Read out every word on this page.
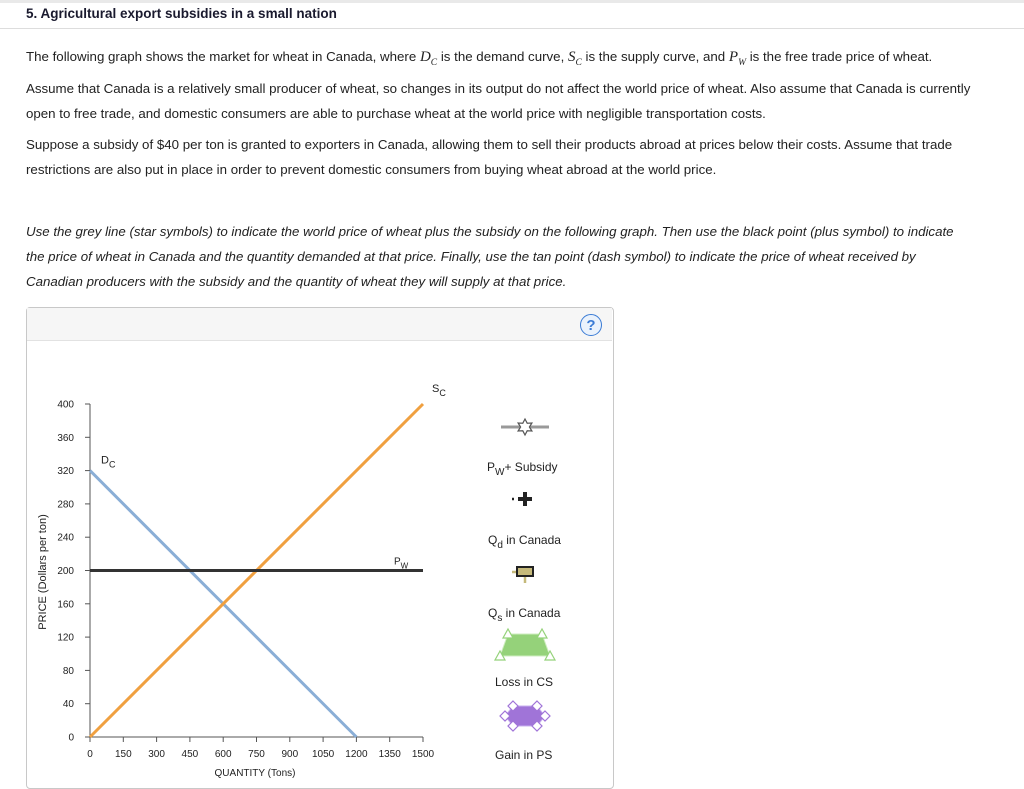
5. Agricultural export subsidies in a small nation

The following graph shows the market for wheat in Canada, where $D_C$ is the demand curve, $S_C$ is the supply curve, and $P_W$ is the free trade price of wheat. Assume that Canada is a relatively small producer of wheat, so changes in its output do not affect the world price of wheat. Also assume that Canada is currently open to free trade, and domestic consumers are able to purchase wheat at the world price with negligible transportation costs.

Suppose a subsidy of $40 per ton is granted to exporters in Canada, allowing them to sell their products abroad at prices below their costs. Assume that trade restrictions are also put in place in order to prevent domestic consumers from buying wheat abroad at the world price.

Use the grey line (star symbols) to indicate the world price of wheat plus the subsidy on the following graph. Then use the black point (plus symbol) to indicate the price of wheat in Canada and the quantity demanded at that price. Finally, use the tan point (dash symbol) to indicate the price of wheat received by Canadian producers with the subsidy and the quantity of wheat they will supply at that price.

?
0
40
80
120
160
200
240
280
320
360
400
0 150 300 450 600 750 900 1050 1200 1350 1500
PRICE (Dollars per ton)
QUANTITY (Tons)
$D_C$
$S_C$
$P_W$
$P_W+$ Subsidy
$Q_d$ in Canada
$Q_s$ in Canada
Loss in CS
Gain in PS
